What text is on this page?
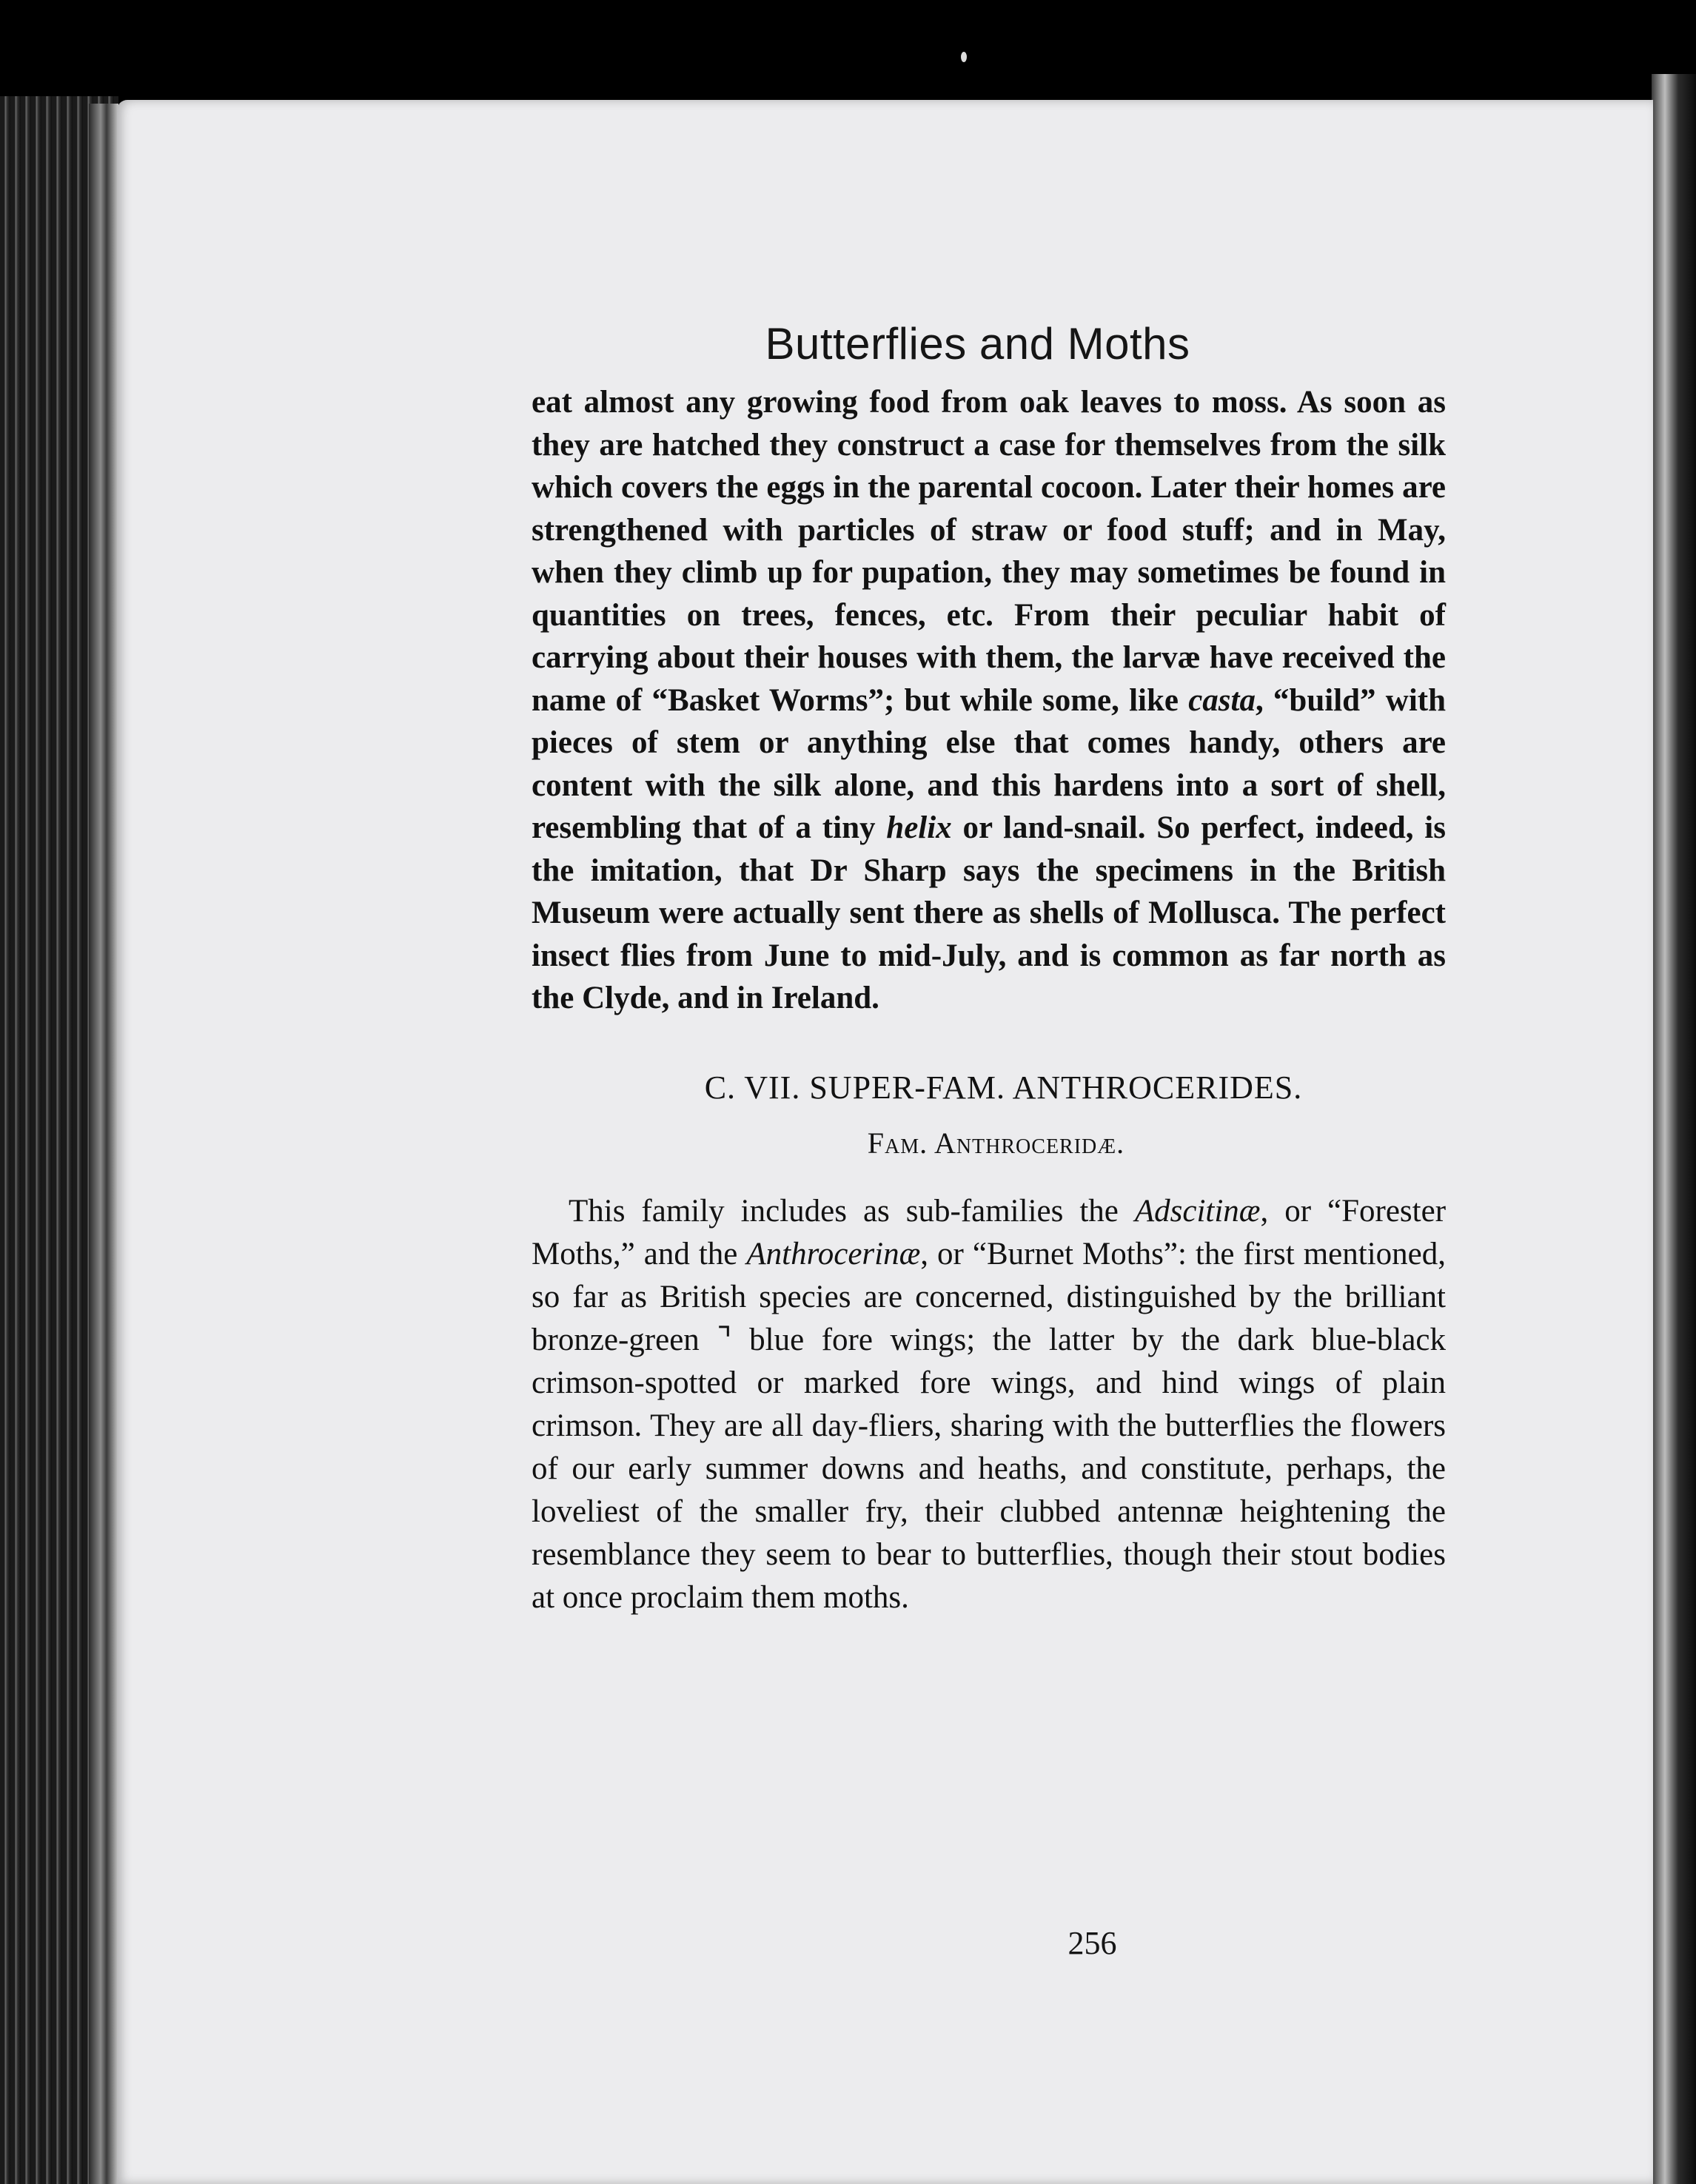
Butterflies and Moths

eat almost any growing food from oak leaves to moss. As soon as they are hatched they construct a case for themselves from the silk which covers the eggs in the parental cocoon. Later their homes are strengthened with particles of straw or food stuff; and in May, when they climb up for pupation, they may sometimes be found in quantities on trees, fences, etc. From their peculiar habit of carrying about their houses with them, the larvæ have received the name of “Basket Worms”; but while some, like casta, “build” with pieces of stem or anything else that comes handy, others are content with the silk alone, and this hardens into a sort of shell, resembling that of a tiny helix or land-snail. So perfect, indeed, is the imitation, that Dr Sharp says the specimens in the British Museum were actually sent there as shells of Mollusca. The perfect insect flies from June to mid-July, and is common as far north as the Clyde, and in Ireland.

C. VII. SUPER-FAM. ANTHROCERIDES.
Fam. Anthroceridæ.

This family includes as sub-families the Adscitinæ, or “Forester Moths,” and the Anthrocerinæ, or “Burnet Moths”: the first mentioned, so far as British species are concerned, distinguished by the brilliant bronze-green ⌝ blue fore wings; the latter by the dark blue-black crimson-spotted or marked fore wings, and hind wings of plain crimson. They are all day-fliers, sharing with the butterflies the flowers of our early summer downs and heaths, and constitute, perhaps, the loveliest of the smaller fry, their clubbed antennæ heightening the resemblance they seem to bear to butterflies, though their stout bodies at once proclaim them moths.

256
